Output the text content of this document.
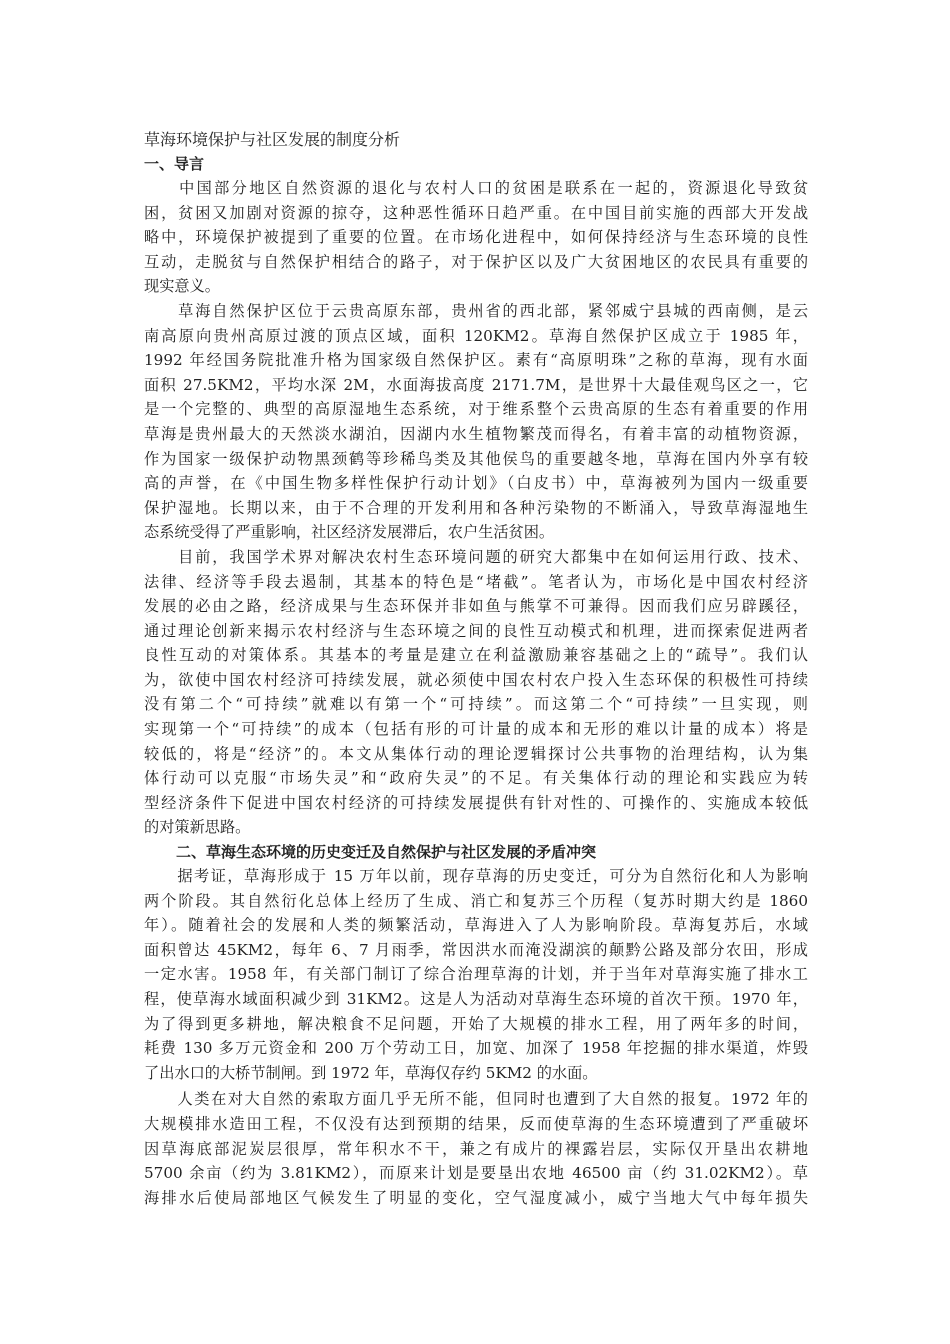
草海环境保护与社区发展的制度分析
一、导言
　　中国部分地区自然资源的退化与农村人口的贫困是联系在一起的，资源退化导致贫
困，贫困又加剧对资源的掠夺，这种恶性循环日趋严重。在中国目前实施的西部大开发战
略中，环境保护被提到了重要的位置。在市场化进程中，如何保持经济与生态环境的良性
互动，走脱贫与自然保护相结合的路子，对于保护区以及广大贫困地区的农民具有重要的
现实意义。
　　草海自然保护区位于云贵高原东部，贵州省的西北部，紧邻威宁县城的西南侧，是云
南高原向贵州高原过渡的顶点区域，面积 120KM2。草海自然保护区成立于 1985 年，
1992 年经国务院批准升格为国家级自然保护区。素有“高原明珠”之称的草海，现有水面
面积 27.5KM2，平均水深 2M，水面海拔高度 2171.7M，是世界十大最佳观鸟区之一，它
是一个完整的、典型的高原湿地生态系统，对于维系整个云贵高原的生态有着重要的作用
草海是贵州最大的天然淡水湖泊，因湖内水生植物繁茂而得名，有着丰富的动植物资源，
作为国家一级保护动物黑颈鹤等珍稀鸟类及其他侯鸟的重要越冬地，草海在国内外享有较
高的声誉，在《中国生物多样性保护行动计划》（白皮书）中，草海被列为国内一级重要
保护湿地。长期以来，由于不合理的开发利用和各种污染物的不断涌入，导致草海湿地生
态系统受得了严重影响，社区经济发展滞后，农户生活贫困。
　　目前，我国学术界对解决农村生态环境问题的研究大都集中在如何运用行政、技术、
法律、经济等手段去遏制，其基本的特色是“堵截”。笔者认为，市场化是中国农村经济
发展的必由之路，经济成果与生态环保并非如鱼与熊掌不可兼得。因而我们应另辟蹊径，
通过理论创新来揭示农村经济与生态环境之间的良性互动模式和机理，进而探索促进两者
良性互动的对策体系。其基本的考量是建立在利益激励兼容基础之上的“疏导”。我们认
为，欲使中国农村经济可持续发展，就必须使中国农村农户投入生态环保的积极性可持续
没有第二个“可持续”就难以有第一个“可持续”。而这第二个“可持续”一旦实现，则
实现第一个“可持续”的成本（包括有形的可计量的成本和无形的难以计量的成本）将是
较低的，将是“经济”的。本文从集体行动的理论逻辑探讨公共事物的治理结构，认为集
体行动可以克服“市场失灵”和“政府失灵”的不足。有关集体行动的理论和实践应为转
型经济条件下促进中国农村经济的可持续发展提供有针对性的、可操作的、实施成本较低
的对策新思路。
二、草海生态环境的历史变迁及自然保护与社区发展的矛盾冲突
　　据考证，草海形成于 15 万年以前，现存草海的历史变迁，可分为自然衍化和人为影响
两个阶段。其自然衍化总体上经历了生成、消亡和复苏三个历程（复苏时期大约是 1860
年）。随着社会的发展和人类的频繁活动，草海进入了人为影响阶段。草海复苏后，水域
面积曾达 45KM2，每年 6、7 月雨季，常因洪水而淹没湖滨的颠黔公路及部分农田，形成
一定水害。1958 年，有关部门制订了综合治理草海的计划，并于当年对草海实施了排水工
程，使草海水域面积减少到 31KM2。这是人为活动对草海生态环境的首次干预。1970 年，
为了得到更多耕地，解决粮食不足问题，开始了大规模的排水工程，用了两年多的时间，
耗费 130 多万元资金和 200 万个劳动工日，加宽、加深了 1958 年挖掘的排水渠道，炸毁
了出水口的大桥节制闸。到 1972 年，草海仅存约 5KM2 的水面。
　　人类在对大自然的索取方面几乎无所不能，但同时也遭到了大自然的报复。1972 年的
大规模排水造田工程，不仅没有达到预期的结果，反而使草海的生态环境遭到了严重破坏
因草海底部泥炭层很厚，常年积水不干，兼之有成片的裸露岩层，实际仅开垦出农耕地
5700 余亩（约为 3.81KM2），而原来计划是要垦出农地 46500 亩（约 31.02KM2）。草
海排水后使局部地区气候发生了明显的变化，空气湿度减小，威宁当地大气中每年损失
